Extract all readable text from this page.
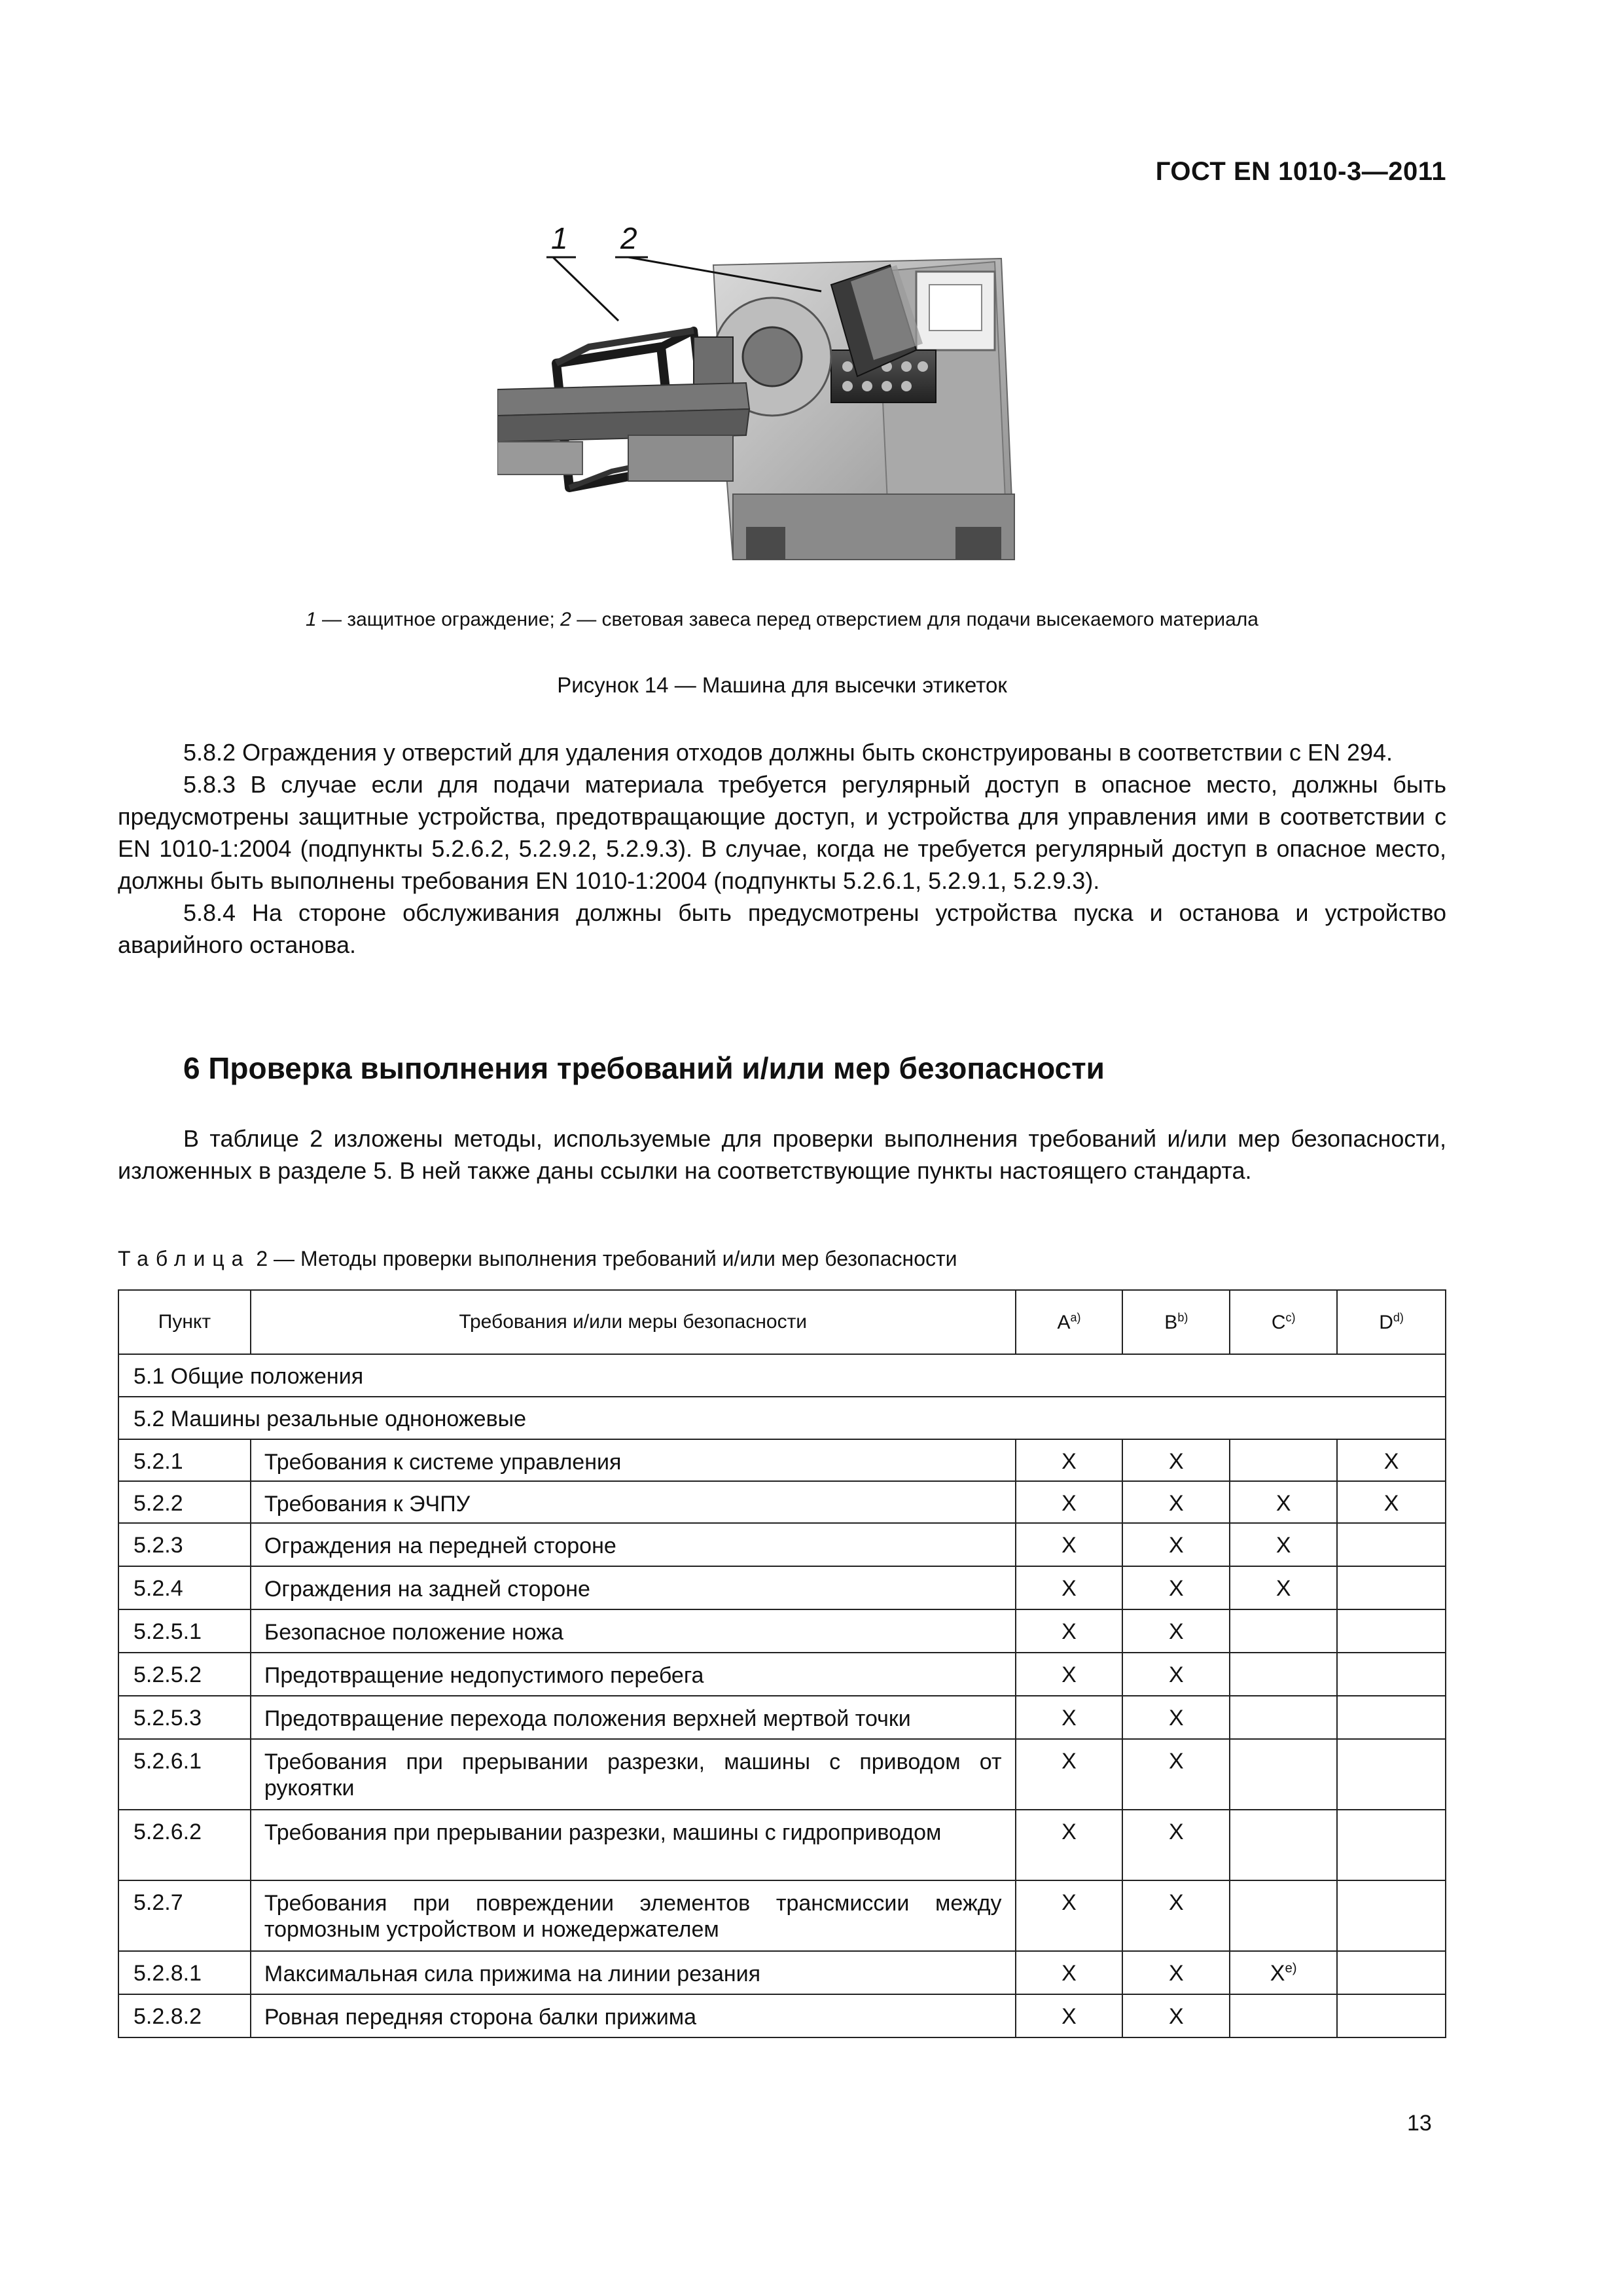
ГОСТ EN 1010-3—2011
1 2
1 — защитное ограждение; 2 — световая завеса перед отверстием для подачи высекаемого материала
Рисунок 14 — Машина для высечки этикеток

5.8.2 Ограждения у отверстий для удаления отходов должны быть сконструированы в соответствии с EN 294.

5.8.3 В случае если для подачи материала требуется регулярный доступ в опасное место, должны быть предусмотрены защитные устройства, предотвращающие доступ, и устройства для управления ими в соответствии с EN 1010-1:2004 (подпункты 5.2.6.2, 5.2.9.2, 5.2.9.3). В случае, когда не требуется регулярный доступ в опасное место, должны быть выполнены требования EN 1010-1:2004 (подпункты 5.2.6.1, 5.2.9.1, 5.2.9.3).

5.8.4 На стороне обслуживания должны быть предусмотрены устройства пуска и останова и устройство аварийного останова.

6 Проверка выполнения требований и/или мер безопасности

В таблице 2 изложены методы, используемые для проверки выполнения требований и/или мер безопасности, изложенных в разделе 5. В ней также даны ссылки на соответствующие пункты настоящего стандарта.

Таблица 2 — Методы проверки выполнения требований и/или мер безопасности
Пункт	Требования и/или меры безопасности	$A^{a)}$	$B^{b)}$	$C^{c)}$	$D^{d)}$
5.1 Общие положения					
5.2 Машины резальные одноножевые					
5.2.1	Требования к системе управления	X	X		X
5.2.2	Требования к ЭЧПУ	X	X	X	X
5.2.3	Ограждения на передней стороне	X	X	X	
5.2.4	Ограждения на задней стороне	X	X	X	
5.2.5.1	Безопасное положение ножа	X	X		
5.2.5.2	Предотвращение недопустимого перебега	X	X		
5.2.5.3	Предотвращение перехода положения верхней мертвой точки	X	X		
5.2.6.1	Требования при прерывании разрезки, машины с приводом от рукоятки	X	X		
5.2.6.2	Требования при прерывании разрезки, машины с гидроприводом	X	X		
5.2.7	Требования при повреждении элементов трансмиссии между тормозным устройством и ножедержателем	X	X		
5.2.8.1	Максимальная сила прижима на линии резания	X	X	$X^{e)}$	
5.2.8.2	Ровная передняя сторона балки прижима	X	X		
13
